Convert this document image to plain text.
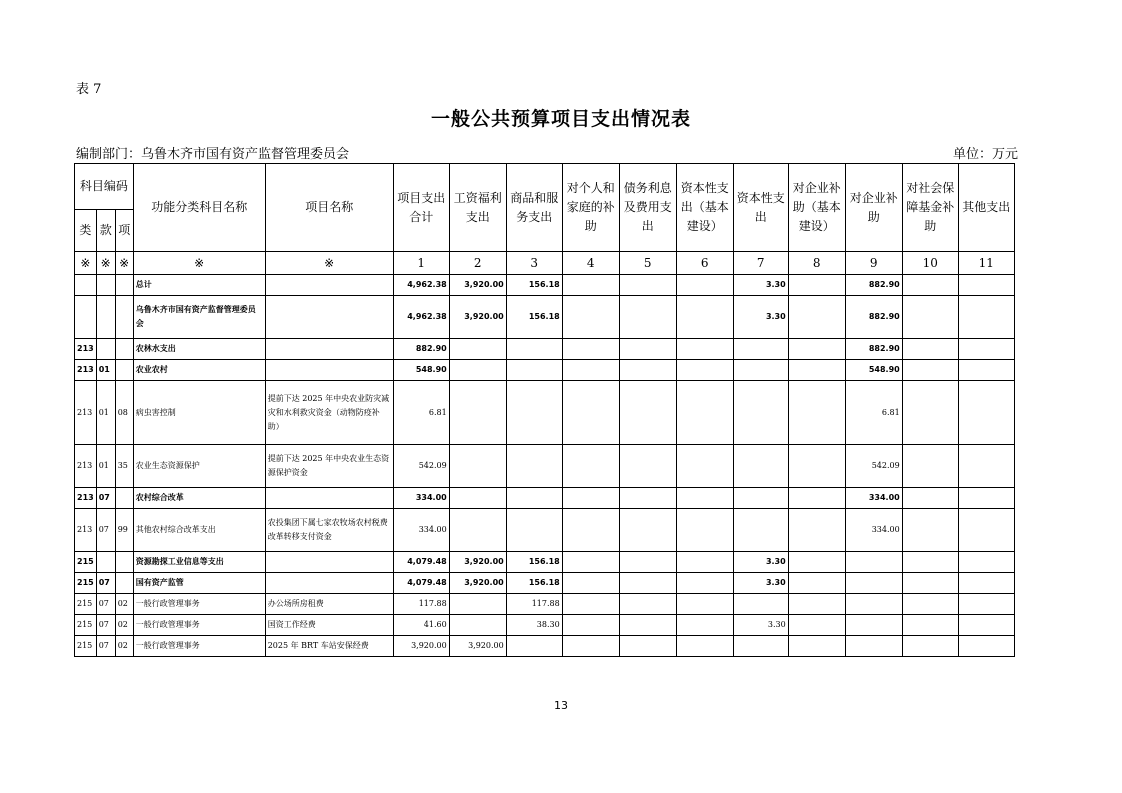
表 7
一般公共预算项目支出情况表
编制部门：乌鲁木齐市国有资产监督管理委员会	单位：万元
科目编码			功能分类科目名称	项目名称	项目支出合计	工资福利支出	商品和服务支出	对个人和家庭的补助	债务利息及费用支出	资本性支出（基本建设）	资本性支出	对企业补助（基本建设）	对企业补助	对社会保障基金补助	其他支出
类	款	项													
※	※	※	※	※	1	2	3	4	5	6	7	8	9	10	11
			总计		4,962.38	3,920.00	156.18				3.30		882.90		
			乌鲁木齐市国有资产监督管理委员会		4,962.38	3,920.00	156.18				3.30		882.90		
213			农林水支出		882.90								882.90		
213	01		农业农村		548.90								548.90		
213	01	08	病虫害控制	提前下达 2025 年中央农业防灾减灾和水利救灾资金（动物防疫补助）	6.81								6.81		
213	01	35	农业生态资源保护	提前下达 2025 年中央农业生态资源保护资金	542.09								542.09		
213	07		农村综合改革		334.00								334.00		
213	07	99	其他农村综合改革支出	农投集团下属七家农牧场农村税费改革转移支付资金	334.00								334.00		
215			资源勘探工业信息等支出		4,079.48	3,920.00	156.18				3.30				
215	07		国有资产监管		4,079.48	3,920.00	156.18				3.30				
215	07	02	一般行政管理事务	办公场所房租费	117.88		117.88								
215	07	02	一般行政管理事务	国资工作经费	41.60		38.30				3.30				
215	07	02	一般行政管理事务	2025 年 BRT 车站安保经费	3,920.00	3,920.00									
13
